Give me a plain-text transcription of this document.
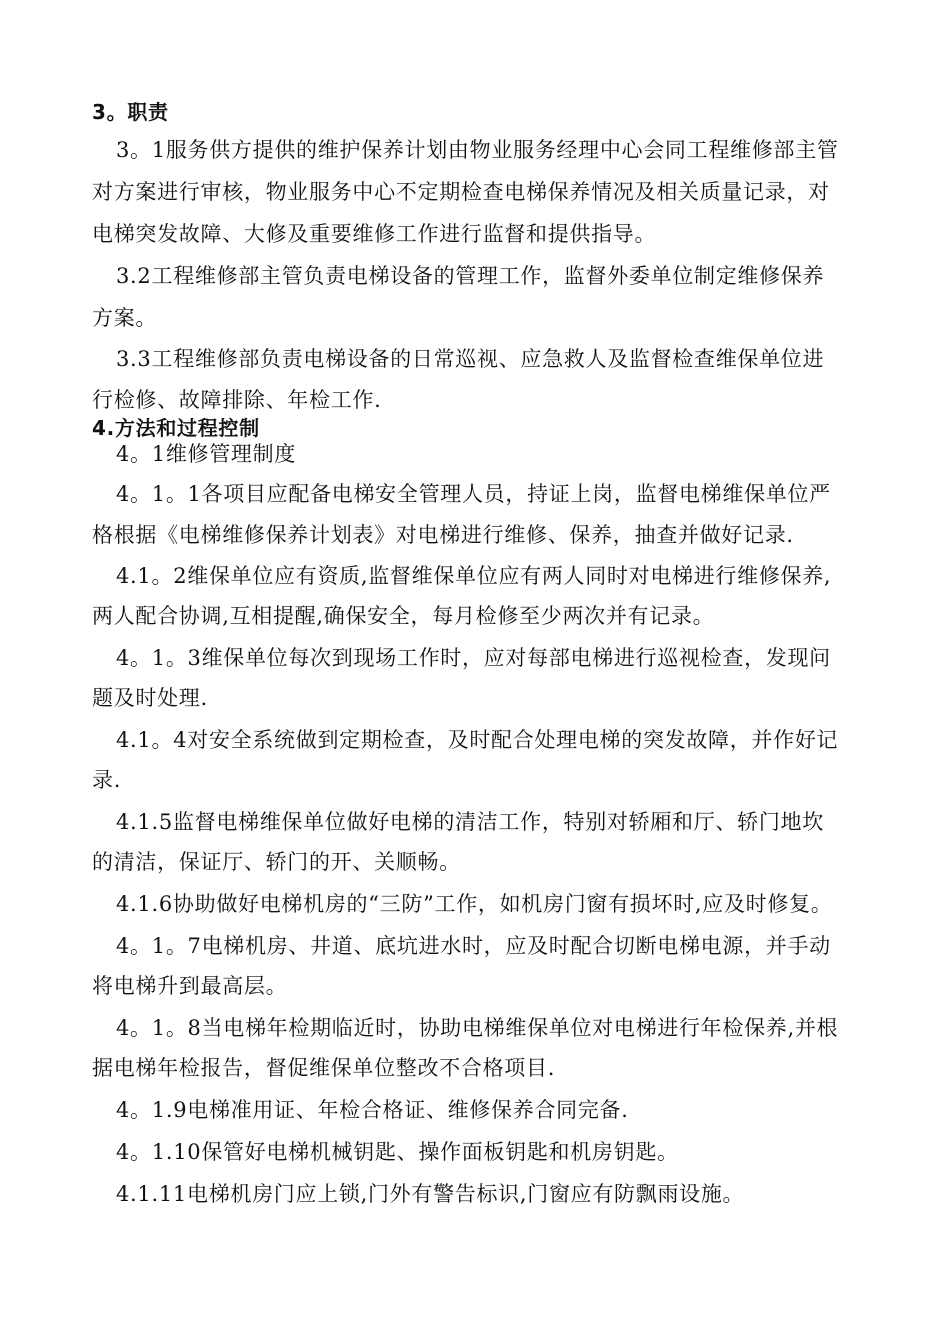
3。职责
3。1服务供方提供的维护保养计划由物业服务经理中心会同工程维修部主管
对方案进行审核，物业服务中心不定期检查电梯保养情况及相关质量记录，对
电梯突发故障、大修及重要维修工作进行监督和提供指导。
3.2工程维修部主管负责电梯设备的管理工作，监督外委单位制定维修保养
方案。
3.3工程维修部负责电梯设备的日常巡视、应急救人及监督检查维保单位进
行检修、故障排除、年检工作.
4.方法和过程控制
4。1维修管理制度
4。1。1各项目应配备电梯安全管理人员，持证上岗，监督电梯维保单位严
格根据《电梯维修保养计划表》对电梯进行维修、保养，抽查并做好记录.
4.1。2维保单位应有资质,监督维保单位应有两人同时对电梯进行维修保养,
两人配合协调,互相提醒,确保安全，每月检修至少两次并有记录。
4。1。3维保单位每次到现场工作时，应对每部电梯进行巡视检查，发现问
题及时处理.
4.1。4对安全系统做到定期检查，及时配合处理电梯的突发故障，并作好记
录.
4.1.5监督电梯维保单位做好电梯的清洁工作，特别对轿厢和厅、轿门地坎
的清洁，保证厅、轿门的开、关顺畅。
4.1.6协助做好电梯机房的“三防”工作，如机房门窗有损坏时,应及时修复。
4。1。7电梯机房、井道、底坑进水时，应及时配合切断电梯电源，并手动
将电梯升到最高层。
4。1。8当电梯年检期临近时，协助电梯维保单位对电梯进行年检保养,并根
据电梯年检报告，督促维保单位整改不合格项目.
4。1.9电梯准用证、年检合格证、维修保养合同完备.
4。1.10保管好电梯机械钥匙、操作面板钥匙和机房钥匙。
4.1.11电梯机房门应上锁,门外有警告标识,门窗应有防飘雨设施。
